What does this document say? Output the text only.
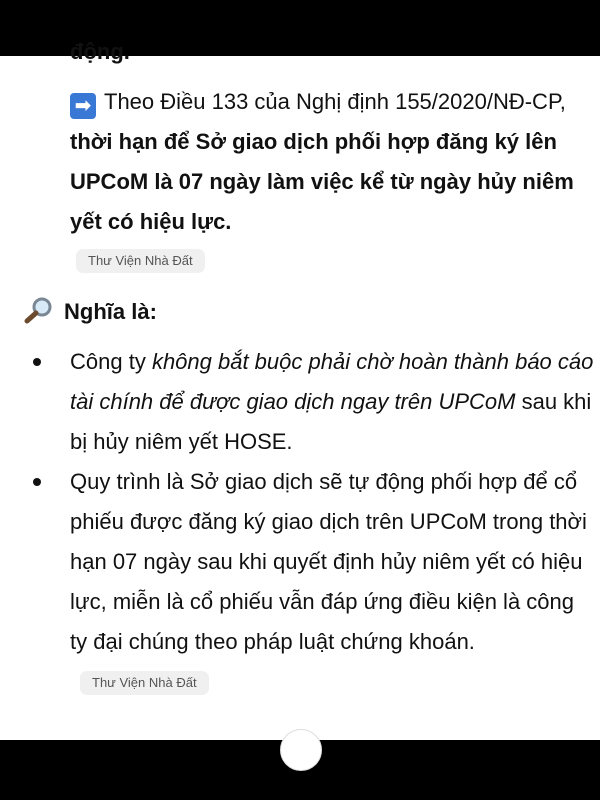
động.
➡ Theo Điều 133 của Nghị định 155/2020/NĐ-CP, thời hạn để Sở giao dịch phối hợp đăng ký lên UPCoM là 07 ngày làm việc kể từ ngày hủy niêm yết có hiệu lực.
Thư Viện Nhà Đất
Nghĩa là:
Công ty không bắt buộc phải chờ hoàn thành báo cáo tài chính để được giao dịch ngay trên UPCoM sau khi bị hủy niêm yết HOSE.
Quy trình là Sở giao dịch sẽ tự động phối hợp để cổ phiếu được đăng ký giao dịch trên UPCoM trong thời hạn 07 ngày sau khi quyết định hủy niêm yết có hiệu lực, miễn là cổ phiếu vẫn đáp ứng điều kiện là công ty đại chúng theo pháp luật chứng khoán.Thư Viện Nhà Đất
